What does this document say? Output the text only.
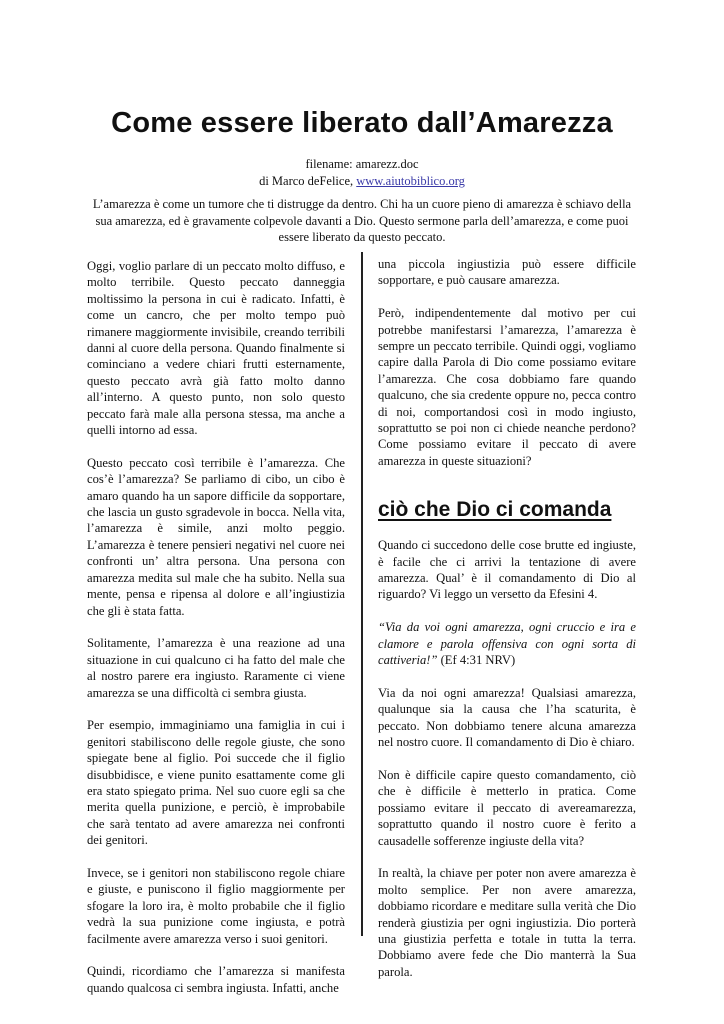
Come essere liberato dall’Amarezza
filename: amarezz.doc
di Marco deFelice, www.aiutobiblico.org
L’amarezza è come un tumore che ti distrugge da dentro. Chi ha un cuore pieno di amarezza è schiavo della sua amarezza, ed è gravamente colpevole davanti a Dio. Questo sermone parla dell’amarezza, e come puoi essere liberato da questo peccato.

Oggi, voglio parlare di un peccato molto diffuso, e molto terribile. Questo peccato danneggia moltissimo la persona in cui è radicato. Infatti, è come un cancro, che per molto tempo può rimanere maggiormente invisibile, creando terribili danni al cuore della persona. Quando finalmente si cominciano a vedere chiari frutti esternamente, questo peccato avrà già fatto molto danno all’interno. A questo punto, non solo questo peccato farà male alla persona stessa, ma anche a quelli intorno ad essa.

Questo peccato così terribile è l’amarezza. Che cos’è l’amarezza? Se parliamo di cibo, un cibo è amaro quando ha un sapore difficile da sopportare, che lascia un gusto sgradevole in bocca. Nella vita, l’amarezza è simile, anzi molto peggio. L’amarezza è tenere pensieri negativi nel cuore nei confronti un’ altra persona. Una persona con amarezza medita sul male che ha subito. Nella sua mente, pensa e ripensa al dolore e all’ingiustizia che gli è stata fatta.

Solitamente, l’amarezza è una reazione ad una situazione in cui qualcuno ci ha fatto del male che al nostro parere era ingiusto. Raramente ci viene amarezza se una difficoltà ci sembra giusta.

Per esempio, immaginiamo una famiglia in cui i genitori stabiliscono delle regole giuste, che sono spiegate bene al figlio. Poi succede che il figlio disubbidisce, e viene punito esattamente come gli era stato spiegato prima. Nel suo cuore egli sa che merita quella punizione, e perciò, è improbabile che sarà tentato ad avere amarezza nei confronti dei genitori.

Invece, se i genitori non stabiliscono regole chiare e giuste, e puniscono il figlio maggiormente per sfogare la loro ira, è molto probabile che il figlio vedrà la sua punizione come ingiusta, e potrà facilmente avere amarezza verso i suoi genitori.

Quindi, ricordiamo che l’amarezza si manifesta quando qualcosa ci sembra ingiusta. Infatti, anche

una piccola ingiustizia può essere difficile sopportare, e può causare amarezza.

Però, indipendentemente dal motivo per cui potrebbe manifestarsi l’amarezza, l’amarezza è sempre un peccato terribile. Quindi oggi, vogliamo capire dalla Parola di Dio come possiamo evitare l’amarezza. Che cosa dobbiamo fare quando qualcuno, che sia credente oppure no, pecca contro di noi, comportandosi così in modo ingiusto, soprattutto se poi non ci chiede neanche perdono? Come possiamo evitare il peccato di avere amarezza in queste situazioni?

ciò che Dio ci comanda

Quando ci succedono delle cose brutte ed ingiuste, è facile che ci arrivi la tentazione di avere amarezza. Qual’ è il comandamento di Dio al riguardo? Vi leggo un versetto da Efesini 4.

“Via da voi ogni amarezza, ogni cruccio e ira e clamore e parola offensiva con ogni sorta di cattiveria!” (Ef 4:31 NRV)

Via da noi ogni amarezza! Qualsiasi amarezza, qualunque sia la causa che l’ha scaturita, è peccato. Non dobbiamo tenere alcuna amarezza nel nostro cuore. Il comandamento di Dio è chiaro.

Non è difficile capire questo comandamento, ciò che è difficile è metterlo in pratica. Come possiamo evitare il peccato di avereamarezza, soprattutto quando il nostro cuore è ferito a causadelle sofferenze ingiuste della vita?

In realtà, la chiave per poter non avere amarezza è molto semplice. Per non avere amarezza, dobbiamo ricordare e meditare sulla verità che Dio renderà giustizia per ogni ingiustizia. Dio porterà una giustizia perfetta e totale in tutta la terra. Dobbiamo avere fede che Dio manterrà la Sua parola.
